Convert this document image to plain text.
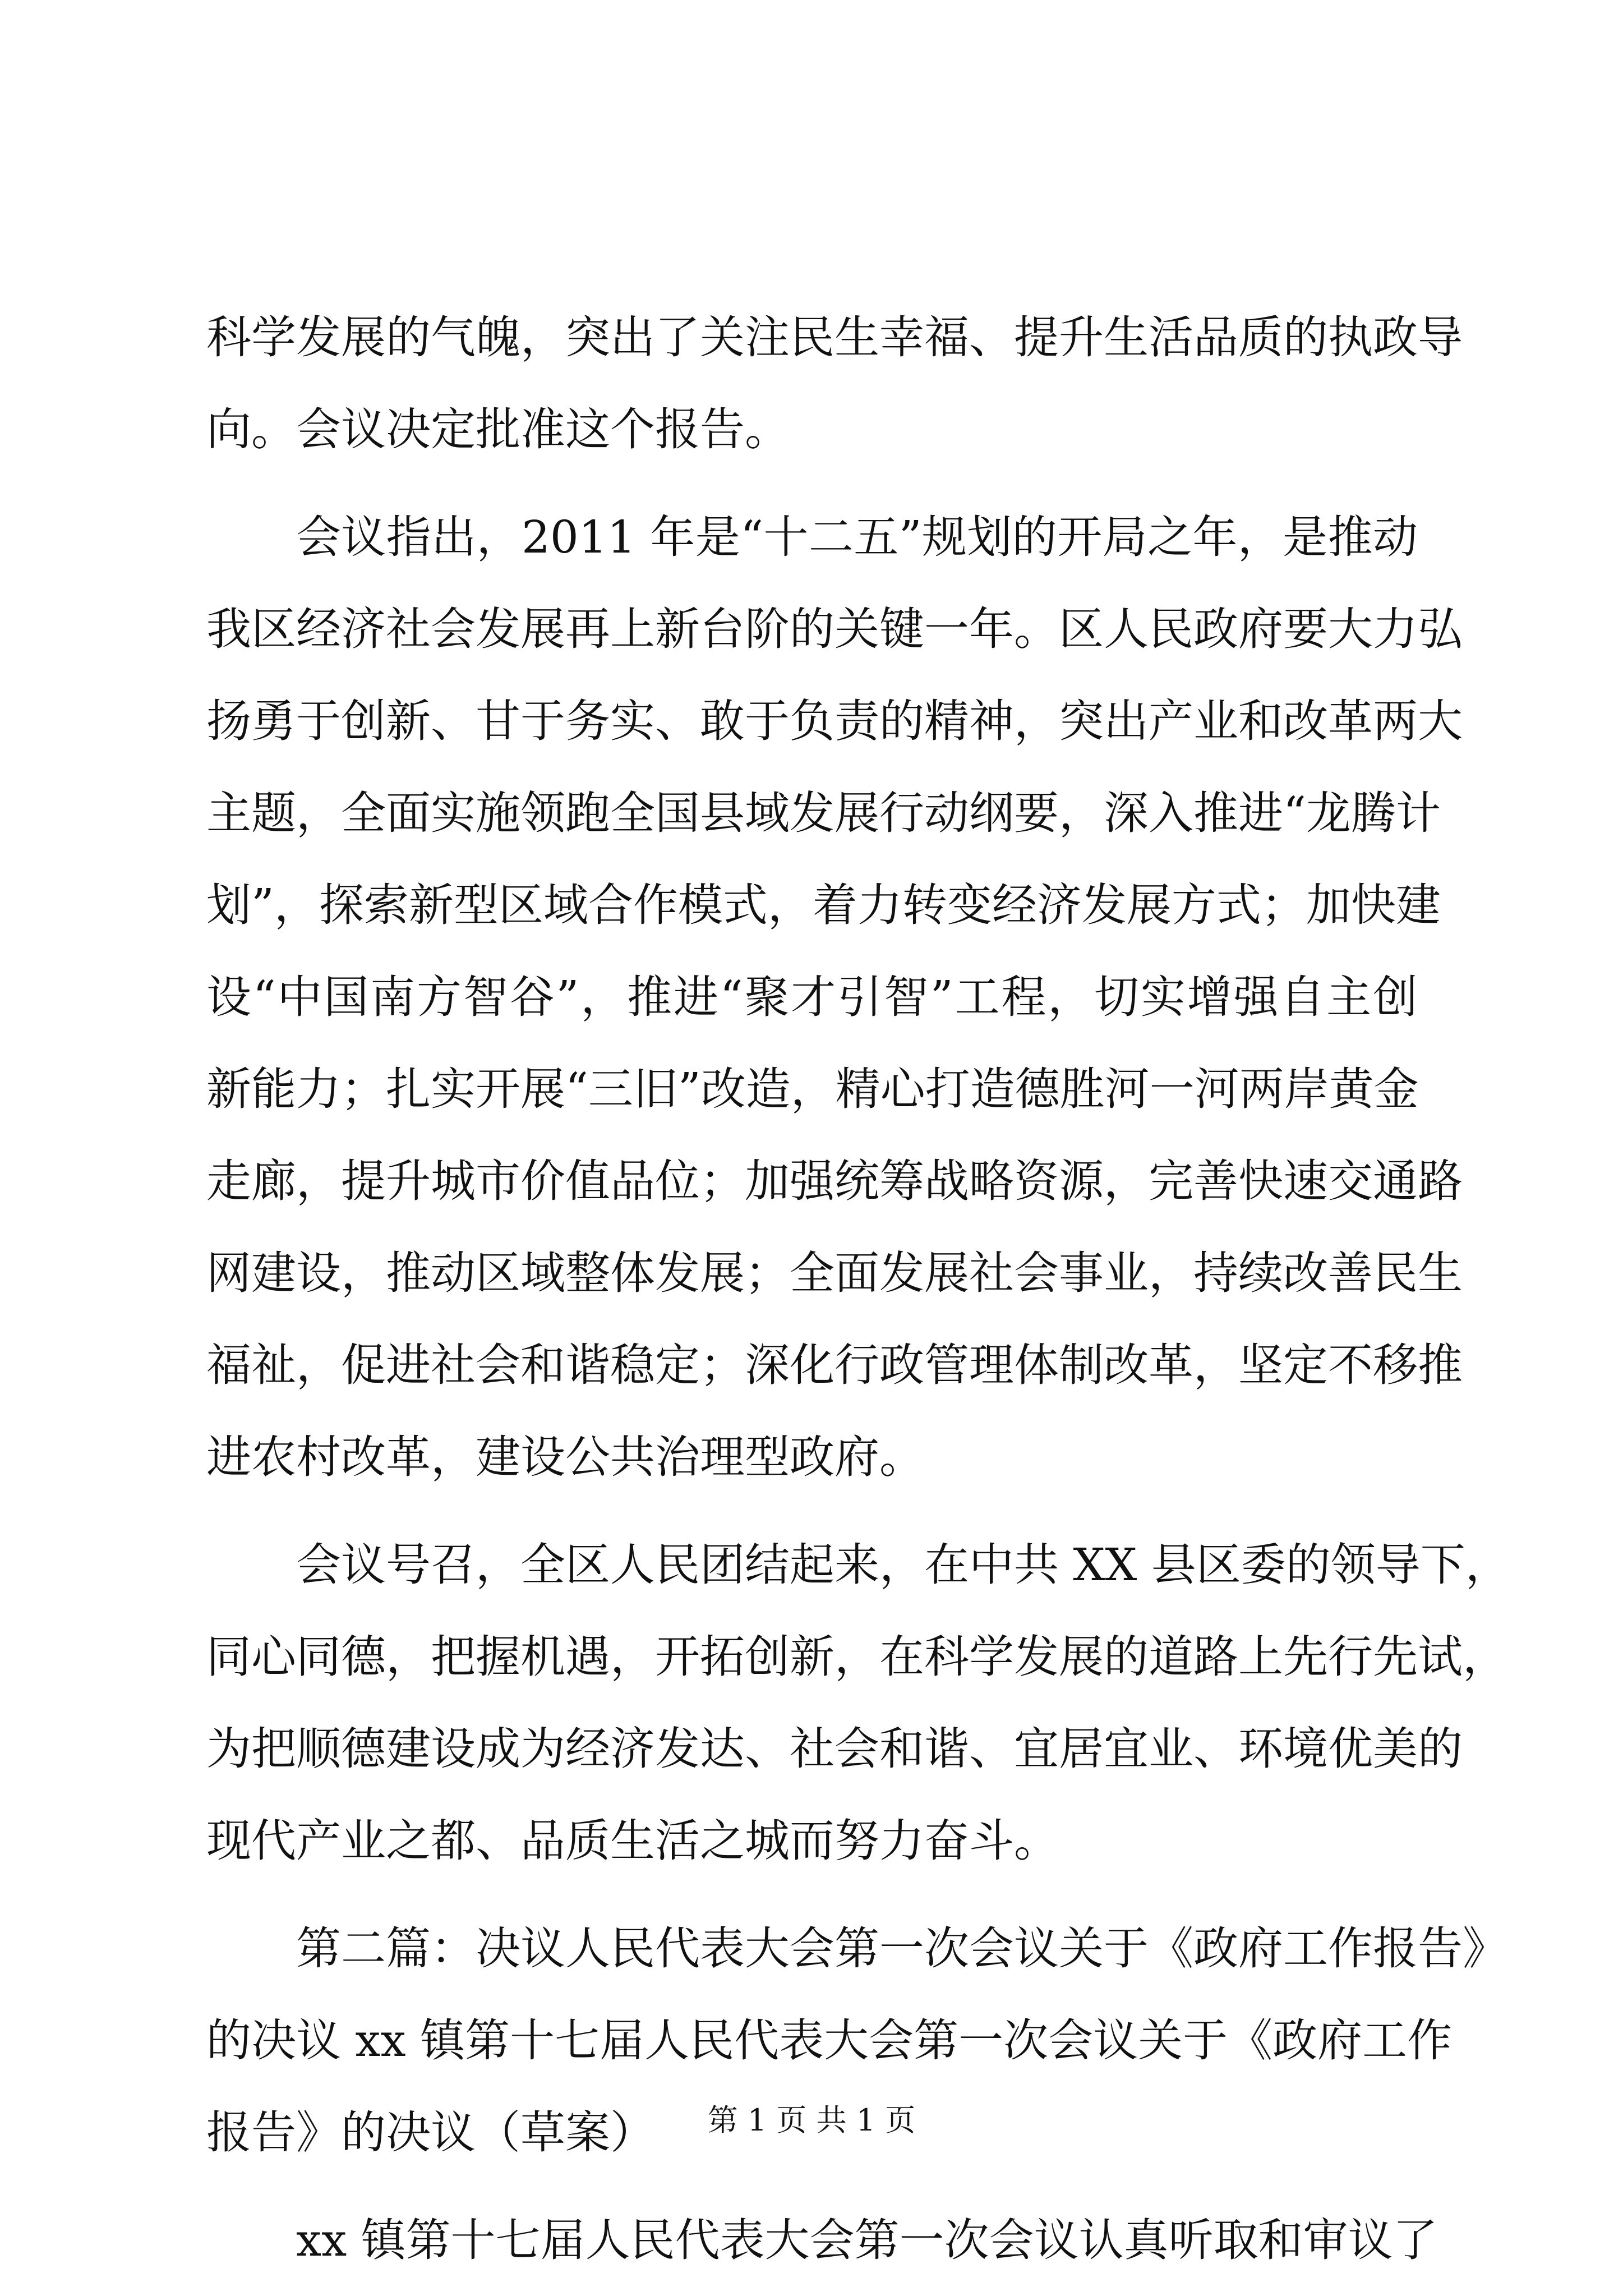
科学发展的气魄，突出了关注民生幸福、提升生活品质的执政导
向。会议决定批准这个报告。
会议指出，2011 年是“十二五”规划的开局之年，是推动
我区经济社会发展再上新台阶的关键一年。区人民政府要大力弘
扬勇于创新、甘于务实、敢于负责的精神，突出产业和改革两大
主题，全面实施领跑全国县域发展行动纲要，深入推进“龙腾计
划”，探索新型区域合作模式，着力转变经济发展方式；加快建
设“中国南方智谷”，推进“聚才引智”工程，切实增强自主创
新能力；扎实开展“三旧”改造，精心打造德胜河一河两岸黄金
走廊，提升城市价值品位；加强统筹战略资源，完善快速交通路
网建设，推动区域整体发展；全面发展社会事业，持续改善民生
福祉，促进社会和谐稳定；深化行政管理体制改革，坚定不移推
进农村改革，建设公共治理型政府。
会议号召，全区人民团结起来，在中共 XX 县区委的领导下，
同心同德，把握机遇，开拓创新，在科学发展的道路上先行先试，
为把顺德建设成为经济发达、社会和谐、宜居宜业、环境优美的
现代产业之都、品质生活之城而努力奋斗。
第二篇：决议人民代表大会第一次会议关于《政府工作报告》
的决议 xx 镇第十七届人民代表大会第一次会议关于《政府工作
报告》的决议（草案）
xx 镇第十七届人民代表大会第一次会议认真听取和审议了
第 1 页 共 1 页
